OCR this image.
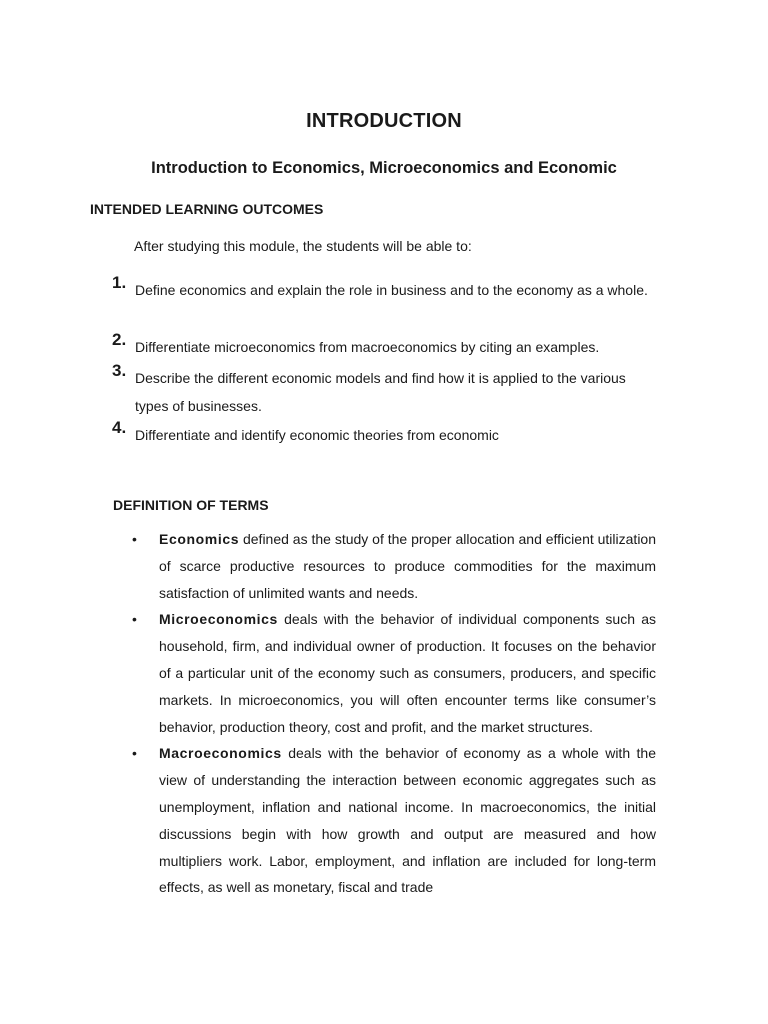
INTRODUCTION
Introduction to Economics, Microeconomics and Economic
INTENDED LEARNING OUTCOMES
After studying this module, the students will be able to:
1. Define economics and explain the role in business and to the economy as a whole.
2. Differentiate microeconomics from macroeconomics by citing an examples.
3. Describe the different economic models and find how it is applied to the various types of businesses.
4. Differentiate and identify economic theories from economic
DEFINITION OF TERMS
• Economics defined as the study of the proper allocation and efficient utilization of scarce productive resources to produce commodities for the maximum satisfaction of unlimited wants and needs.
• Microeconomics deals with the behavior of individual components such as household, firm, and individual owner of production. It focuses on the behavior of a particular unit of the economy such as consumers, producers, and specific markets. In microeconomics, you will often encounter terms like consumer’s behavior, production theory, cost and profit, and the market structures.
• Macroeconomics deals with the behavior of economy as a whole with the view of understanding the interaction between economic aggregates such as unemployment, inflation and national income. In macroeconomics, the initial discussions begin with how growth and output are measured and how multipliers work. Labor, employment, and inflation are included for long-term effects, as well as monetary, fiscal and trade
